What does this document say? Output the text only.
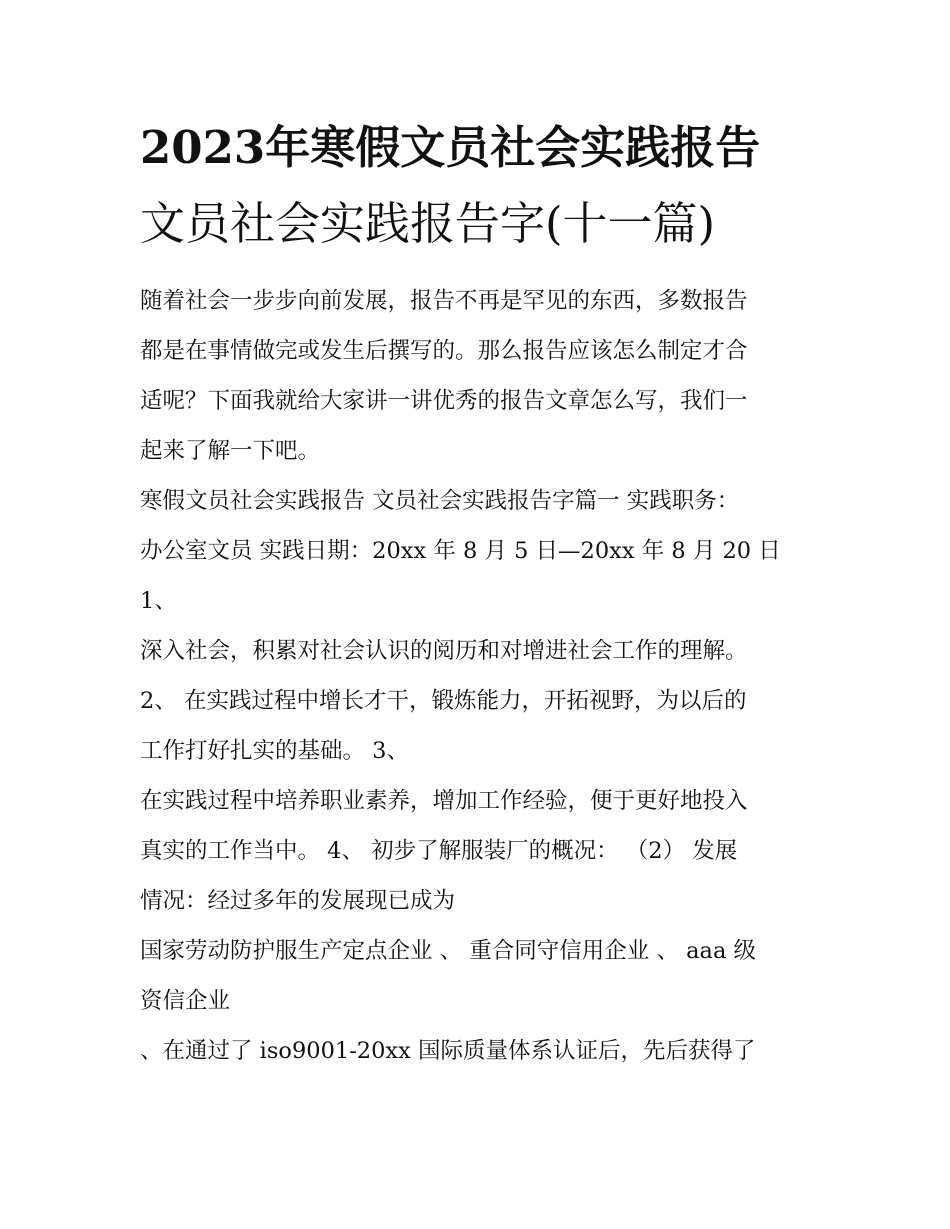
2023年寒假文员社会实践报告
文员社会实践报告字(十一篇)
随着社会一步步向前发展，报告不再是罕见的东西，多数报告
都是在事情做完或发生后撰写的。那么报告应该怎么制定才合
适呢？下面我就给大家讲一讲优秀的报告文章怎么写，我们一
起来了解一下吧。
寒假文员社会实践报告 文员社会实践报告字篇一 实践职务：
办公室文员 实践日期：20xx 年 8 月 5 日—20xx 年 8 月 20 日
1、
深入社会，积累对社会认识的阅历和对增进社会工作的理解。
2、 在实践过程中增长才干，锻炼能力，开拓视野，为以后的
工作打好扎实的基础。 3、
在实践过程中培养职业素养，增加工作经验，便于更好地投入
真实的工作当中。 4、 初步了解服装厂的概况： （2） 发展
情况：经过多年的发展现已成为
国家劳动防护服生产定点企业 、 重合同守信用企业 、 aaa 级
资信企业
、在通过了 iso9001-20xx 国际质量体系认证后，先后获得了
